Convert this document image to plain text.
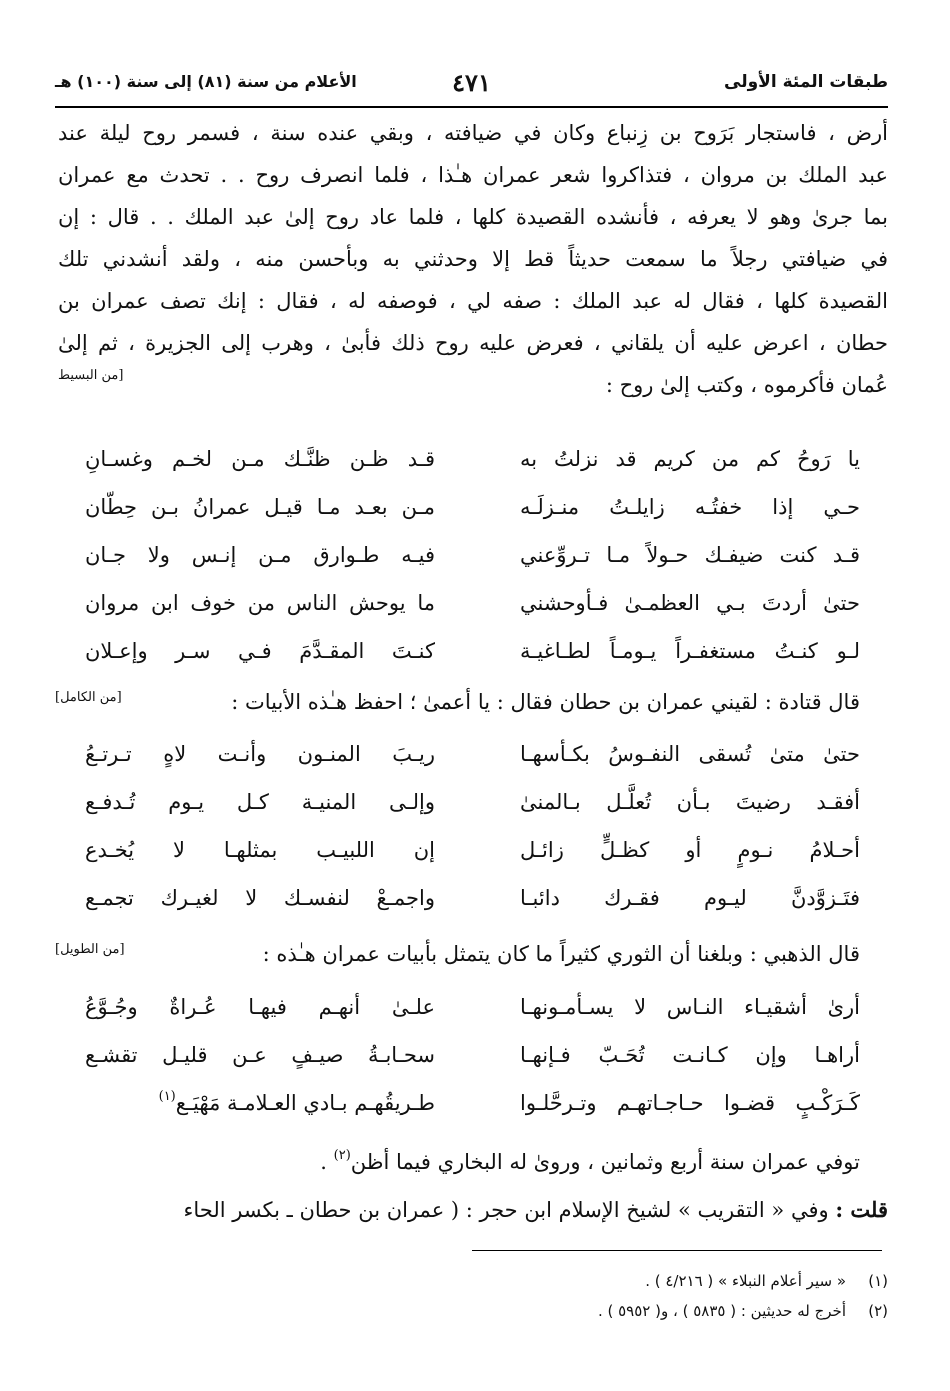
طبقات المئة الأولى
٤٧١
الأعلام من سنة (٨١) إلى سنة (١٠٠) هـ
أرض ، فاستجار بَرَوح بن زِنباع وكان في ضيافته ، وبقي عنده سنة ، فسمر روح ليلة عند
عبد الملك بن مروان ، فتذاكروا شعر عمران هـٰذا ، فلما انصرف روح . . تحدث مع عمران
بما جرىٰ وهو لا يعرفه ، فأنشده القصيدة كلها ، فلما عاد روح إلىٰ عبد الملك . . قال : إن
في ضيافتي رجلاً ما سمعت حديثاً قط إلا وحدثني به وبأحسن منه ، ولقد أنشدني تلك
القصيدة كلها ، فقال له عبد الملك : صفه لي ، فوصفه له ، فقال : إنك تصف عمران بن
حطان ، اعرض عليه أن يلقاني ، فعرض عليه روح ذلك فأبىٰ ، وهرب إلى الجزيرة ، ثم إلىٰ
عُمان فأكرموه ، وكتب إلىٰ روح :
[من البسيط
يا رَوحُ كم من كريم قد نزلتُ به
قـد ظـن ظنَّـك مـن لخـم وغسـانِ
حـي إذا خفتُـه زايلـتُ منـزلَـه
مـن بعـد مـا قيـل عمرانُ بـن حِطّان
قـد كنت ضيفـك حـولاً مـا تـروِّعني
فيـه طـوارق مـن إنـس ولا جـان
حتىٰ أردتَ بـي العظمـىٰ فـأوحشني
ما يوحش الناس من خوف ابن مروان
لـو كنـتُ مستغفـراً يـومـاً لطـاغيـة
كنـتَ المقـدَّمَ فـي سـر وإعـلان
قال قتادة : لقيني عمران بن حطان فقال : يا أعمىٰ ؛ احفظ هـٰذه الأبيات :
[من الكامل]
حتىٰ متىٰ تُسقى النفـوسُ بكـأسهـا
ريـبَ المنـون وأنـت لاهٍ تـرتـعُ
أفقـد رضيتَ بـأن تُعلَّـل بـالمنىٰ
وإلـى المنيـة كـل يـوم تُـدفـع
أحـلامُ نـومٍ أو كظـلٍّ زائـل
إن اللبيـب بمثلهـا لا يُخـدع
فتَـزوَّدنَّ ليـوم فقـرك دائبـا
واجمـعْ لنفسـك لا لغيـرك تجمـع
قال الذهبي : وبلغنا أن الثوري كثيراً ما كان يتمثل بأبيات عمران هـٰذه :
[من الطويل]
أرىٰ أشقيـاء النـاس لا يسـأمـونهـا
علـىٰ أنهـم فيهـا عُـراةٌ وجُـوَّعُ
أراهـا وإن كـانـت تُحَـبّ فـإنهـا
سحـابـةُ صيـفٍ عـن قليـل تقشـع
كَـرَكْـبٍ قضـوا حـاجـاتهـم وتـرحَّلـوا
طـريقُهـم بـادي العـلامـة مَهْيَـع$^{(١)}$
توفي عمران سنة أربع وثمانين ، وروىٰ له البخاري فيما أظن$^{(٢)}$ .
قلت : وفي « التقريب » لشيخ الإسلام ابن حجر : ( عمران بن حطان ـ بكسر الحاء
(١)« سير أعلام النبلاء » ( ٤/٢١٦ ) .
(٢)أخرج له حديثين : ( ٥٨٣٥ ) ، و( ٥٩٥٢ ) .
